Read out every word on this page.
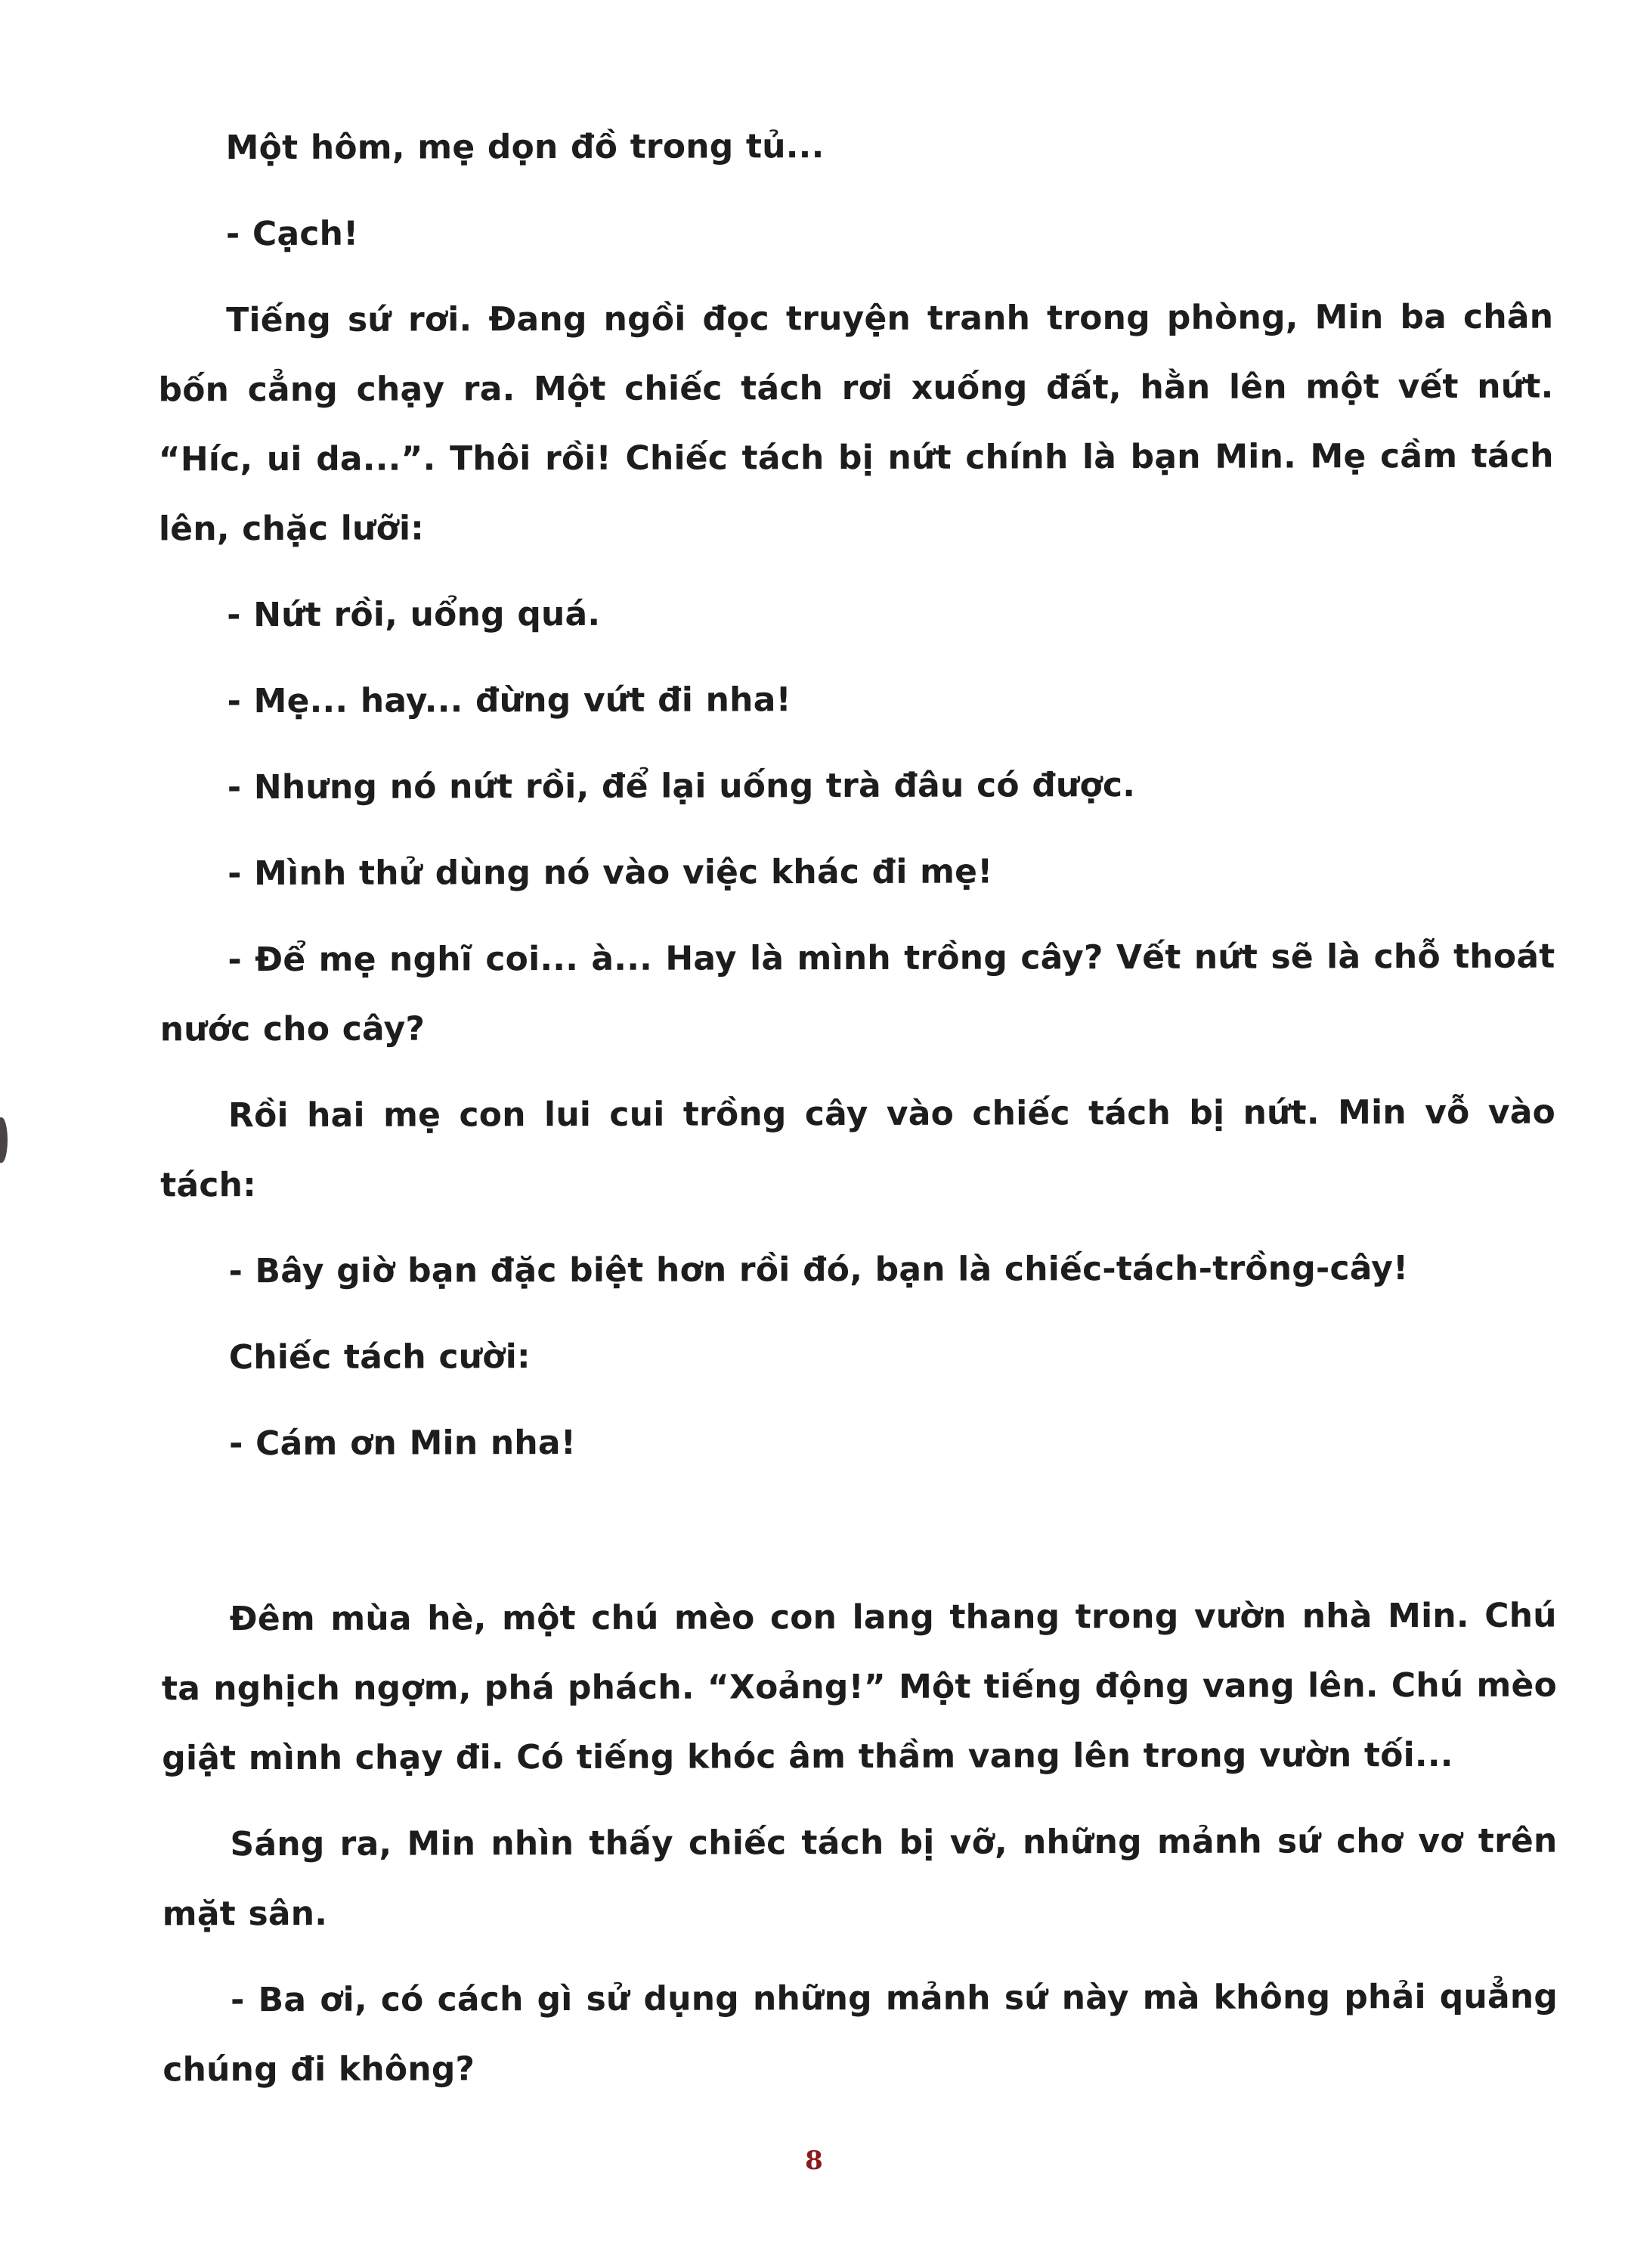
Một hôm, mẹ dọn đồ trong tủ...

- Cạch!

Tiếng sứ rơi. Đang ngồi đọc truyện tranh trong phòng, Min ba chân bốn cẳng chạy ra. Một chiếc tách rơi xuống đất, hằn lên một vết nứt. “Híc, ui da...”. Thôi rồi! Chiếc tách bị nứt chính là bạn Min. Mẹ cầm tách lên, chặc lưỡi:

- Nứt rồi, uổng quá.

- Mẹ... hay... đừng vứt đi nha!

- Nhưng nó nứt rồi, để lại uống trà đâu có được.

- Mình thử dùng nó vào việc khác đi mẹ!

- Để mẹ nghĩ coi... à... Hay là mình trồng cây? Vết nứt sẽ là chỗ thoát nước cho cây?

Rồi hai mẹ con lui cui trồng cây vào chiếc tách bị nứt. Min vỗ vào tách:

- Bây giờ bạn đặc biệt hơn rồi đó, bạn là chiếc-tách-trồng-cây!

Chiếc tách cười:

- Cám ơn Min nha!

Đêm mùa hè, một chú mèo con lang thang trong vườn nhà Min. Chú ta nghịch ngợm, phá phách. “Xoảng!” Một tiếng động vang lên. Chú mèo giật mình chạy đi. Có tiếng khóc âm thầm vang lên trong vườn tối...

Sáng ra, Min nhìn thấy chiếc tách bị vỡ, những mảnh sứ chơ vơ trên mặt sân.

- Ba ơi, có cách gì sử dụng những mảnh sứ này mà không phải quẳng chúng đi không?

8
